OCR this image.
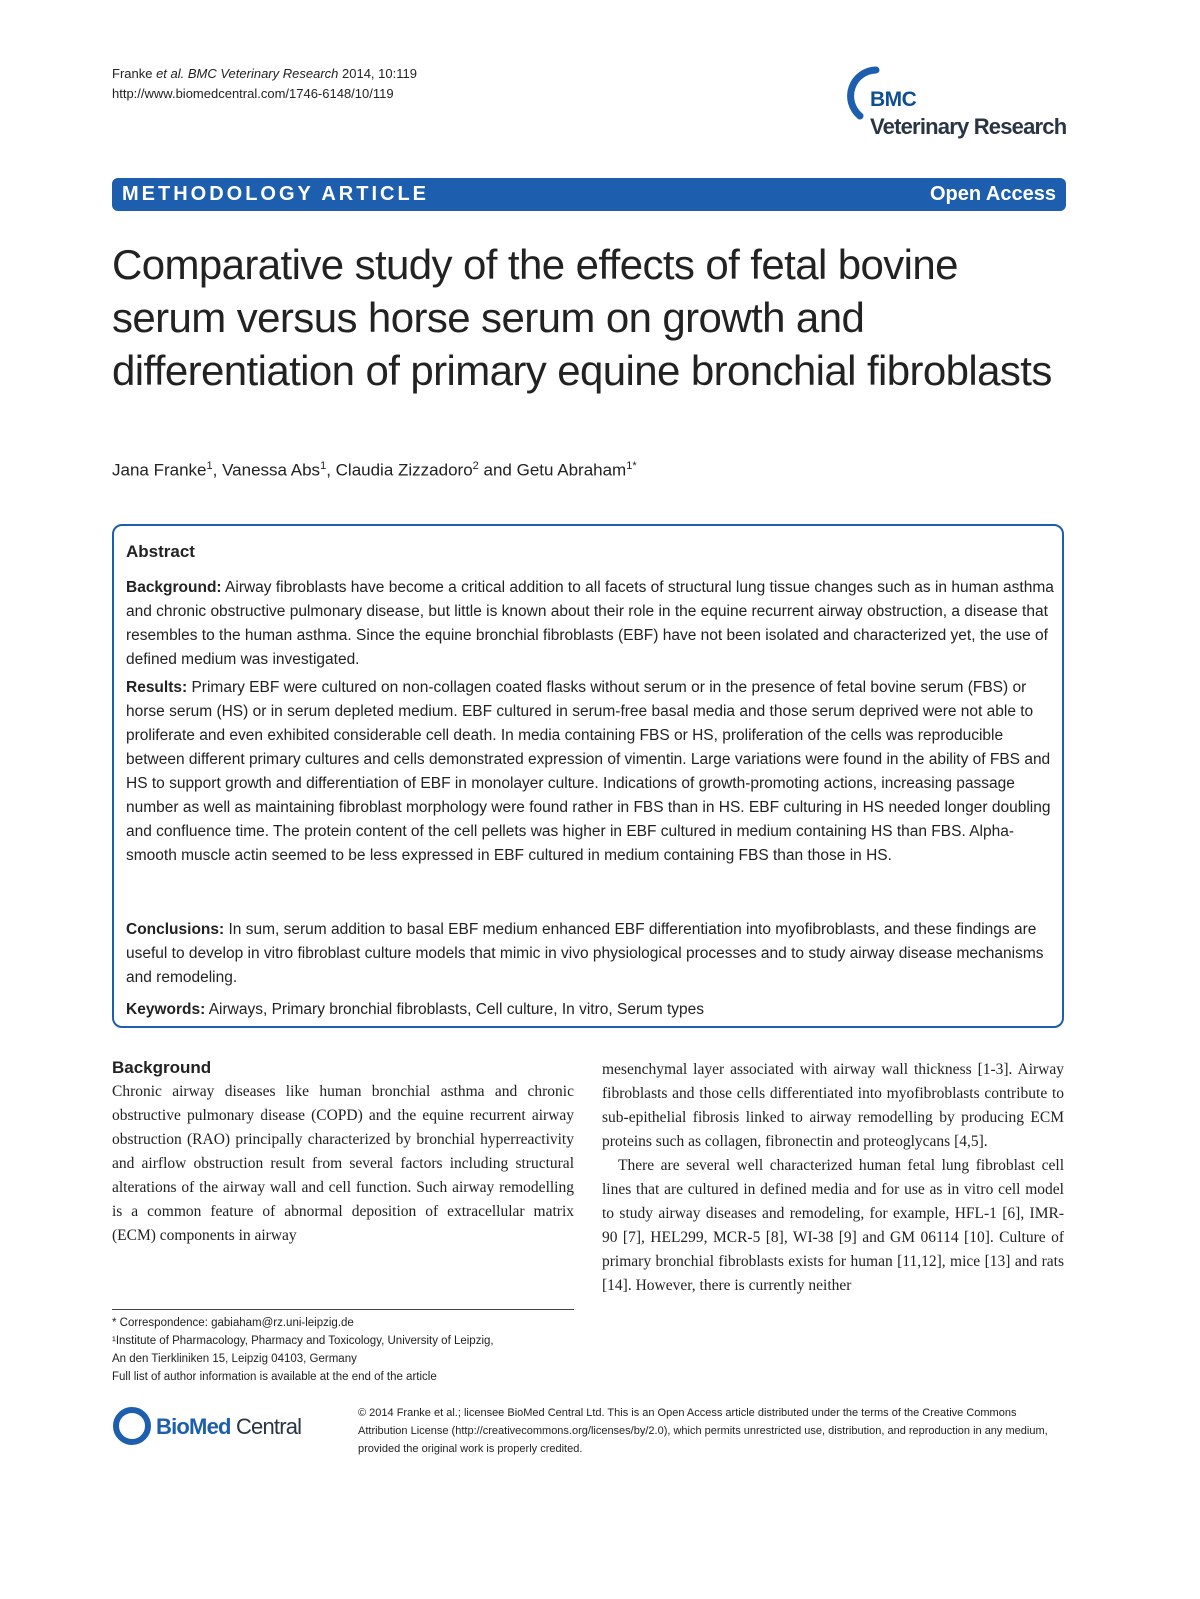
Franke et al. BMC Veterinary Research 2014, 10:119
http://www.biomedcentral.com/1746-6148/10/119	BMC
Veterinary Research
METHODOLOGY ARTICLE	Open Access
Comparative study of the effects of fetal bovine serum versus horse serum on growth and differentiation of primary equine bronchial fibroblasts
Jana Franke$^1$, Vanessa Abs$^1$, Claudia Zizzadoro$^2$ and Getu Abraham$^{1*}$
Abstract

Background: Airway fibroblasts have become a critical addition to all facets of structural lung tissue changes such as in human asthma and chronic obstructive pulmonary disease, but little is known about their role in the equine recurrent airway obstruction, a disease that resembles to the human asthma. Since the equine bronchial fibroblasts (EBF) have not been isolated and characterized yet, the use of defined medium was investigated.

Results: Primary EBF were cultured on non-collagen coated flasks without serum or in the presence of fetal bovine serum (FBS) or horse serum (HS) or in serum depleted medium. EBF cultured in serum-free basal media and those serum deprived were not able to proliferate and even exhibited considerable cell death. In media containing FBS or HS, proliferation of the cells was reproducible between different primary cultures and cells demonstrated expression of vimentin. Large variations were found in the ability of FBS and HS to support growth and differentiation of EBF in monolayer culture. Indications of growth-promoting actions, increasing passage number as well as maintaining fibroblast morphology were found rather in FBS than in HS. EBF culturing in HS needed longer doubling and confluence time. The protein content of the cell pellets was higher in EBF cultured in medium containing HS than FBS. Alpha-smooth muscle actin seemed to be less expressed in EBF cultured in medium containing FBS than those in HS.

Conclusions: In sum, serum addition to basal EBF medium enhanced EBF differentiation into myofibroblasts, and these findings are useful to develop in vitro fibroblast culture models that mimic in vivo physiological processes and to study airway disease mechanisms and remodeling.

Keywords: Airways, Primary bronchial fibroblasts, Cell culture, In vitro, Serum types

Background

Chronic airway diseases like human bronchial asthma and chronic obstructive pulmonary disease (COPD) and the equine recurrent airway obstruction (RAO) principally characterized by bronchial hyperreactivity and airflow obstruction result from several factors including structural alterations of the airway wall and cell function. Such airway remodelling is a common feature of abnormal deposition of extracellular matrix (ECM) components in airway

mesenchymal layer associated with airway wall thickness [1-3]. Airway fibroblasts and those cells differentiated into myofibroblasts contribute to sub-epithelial fibrosis linked to airway remodelling by producing ECM proteins such as collagen, fibronectin and proteoglycans [4,5].

There are several well characterized human fetal lung fibroblast cell lines that are cultured in defined media and for use as in vitro cell model to study airway diseases and remodeling, for example, HFL-1 [6], IMR-90 [7], HEL299, MCR-5 [8], WI-38 [9] and GM 06114 [10]. Culture of primary bronchial fibroblasts exists for human [11,12], mice [13] and rats [14]. However, there is currently neither

* Correspondence: gabiaham@rz.uni-leipzig.de
¹Institute of Pharmacology, Pharmacy and Toxicology, University of Leipzig,
An den Tierkliniken 15, Leipzig 04103, Germany
Full list of author information is available at the end of the article
BioMed Central
© 2014 Franke et al.; licensee BioMed Central Ltd. This is an Open Access article distributed under the terms of the Creative Commons Attribution License (http://creativecommons.org/licenses/by/2.0), which permits unrestricted use, distribution, and reproduction in any medium, provided the original work is properly credited.
